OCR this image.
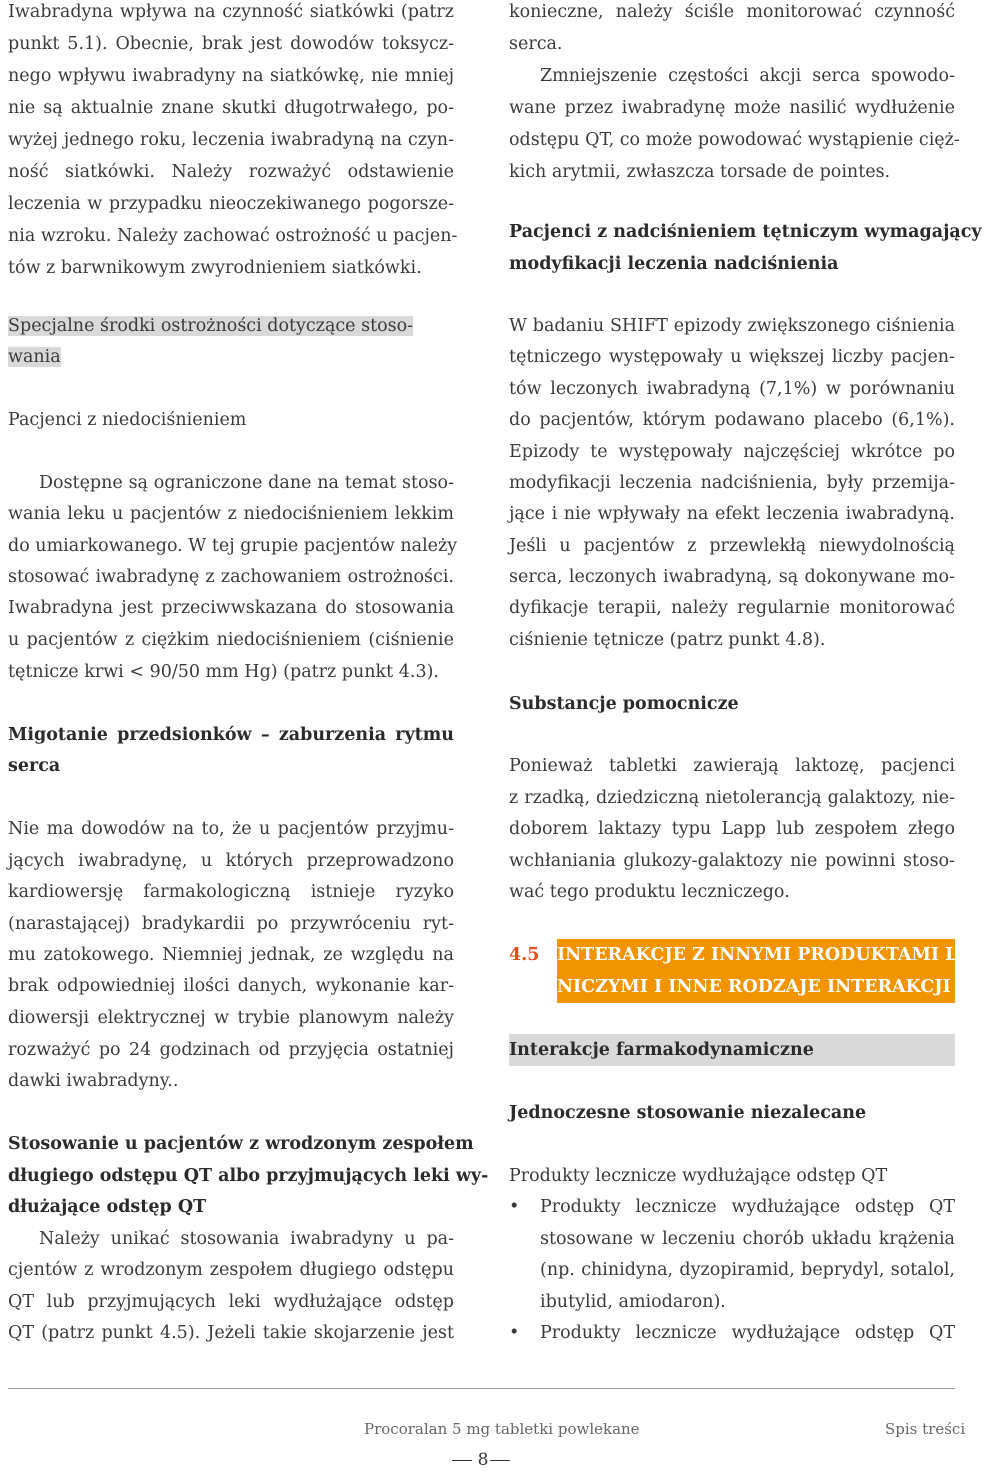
Iwabradyna wpływa na czynność siatkówki (patrz
punkt 5.1). Obecnie, brak jest dowodów toksycz-
nego wpływu iwabradyny na siatkówkę, nie mniej
nie są aktualnie znane skutki długotrwałego, po-
wyżej jednego roku, leczenia iwabradyną na czyn-
ność siatkówki. Należy rozważyć odstawienie
leczenia w przypadku nieoczekiwanego pogorsze-
nia wzroku. Należy zachować ostrożność u pacjen-
tów z barwnikowym zwyrodnieniem siatkówki.
Specjalne środki ostrożności dotyczące stoso-
wania
Pacjenci z niedociśnieniem
Dostępne są ograniczone dane na temat stoso-
wania leku u pacjentów z niedociśnieniem lekkim
do umiarkowanego. W tej grupie pacjentów należy
stosować iwabradynę z zachowaniem ostrożności.
Iwabradyna jest przeciwwskazana do stosowania
u pacjentów z ciężkim niedociśnieniem (ciśnienie
tętnicze krwi < 90/50 mm Hg) (patrz punkt 4.3).
Migotanie przedsionków – zaburzenia rytmu
serca
Nie ma dowodów na to, że u pacjentów przyjmu-
jących iwabradynę, u których przeprowadzono
kardiowersję farmakologiczną istnieje ryzyko
(narastającej) bradykardii po przywróceniu ryt-
mu zatokowego. Niemniej jednak, ze względu na
brak odpowiedniej ilości danych, wykonanie kar-
diowersji elektrycznej w trybie planowym należy
rozważyć po 24 godzinach od przyjęcia ostatniej
dawki iwabradyny..
Stosowanie u pacjentów z wrodzonym zespołem
długiego odstępu QT albo przyjmujących leki wy-
dłużające odstęp QT
Należy unikać stosowania iwabradyny u pa-
cjentów z wrodzonym zespołem długiego odstępu
QT lub przyjmujących leki wydłużające odstęp
QT (patrz punkt 4.5). Jeżeli takie skojarzenie jest
konieczne, należy ściśle monitorować czynność
serca.
Zmniejszenie częstości akcji serca spowodo-
wane przez iwabradynę może nasilić wydłużenie
odstępu QT, co może powodować wystąpienie cięż-
kich arytmii, zwłaszcza torsade de pointes.
Pacjenci z nadciśnieniem tętniczym wymagający
modyfikacji leczenia nadciśnienia
W badaniu SHIFT epizody zwiększonego ciśnienia
tętniczego występowały u większej liczby pacjen-
tów leczonych iwabradyną (7,1%) w porównaniu
do pacjentów, którym podawano placebo (6,1%).
Epizody te występowały najczęściej wkrótce po
modyfikacji leczenia nadciśnienia, były przemija-
jące i nie wpływały na efekt leczenia iwabradyną.
Jeśli u pacjentów z przewlekłą niewydolnością
serca, leczonych iwabradyną, są dokonywane mo-
dyfikacje terapii, należy regularnie monitorować
ciśnienie tętnicze (patrz punkt 4.8).
Substancje pomocnicze
Ponieważ tabletki zawierają laktozę, pacjenci
z rzadką, dziedziczną nietolerancją galaktozy, nie-
doborem laktazy typu Lapp lub zespołem złego
wchłaniania glukozy-galaktozy nie powinni stoso-
wać tego produktu leczniczego.
4.5	INTERAKCJE Z INNYMI PRODUKTAMI LECZ-
NICZYMI I INNE RODZAJE INTERAKCJI
Interakcje farmakodynamiczne
Jednoczesne stosowanie niezalecane
Produkty lecznicze wydłużające odstęp QT
•	Produkty lecznicze wydłużające odstęp QT
stosowane w leczeniu chorób układu krążenia
(np. chinidyna, dyzopiramid, beprydyl, sotalol,
ibutylid, amiodaron).
•	Produkty lecznicze wydłużające odstęp QT
Procoralan 5 mg tabletki powlekane	Spis treści
8
